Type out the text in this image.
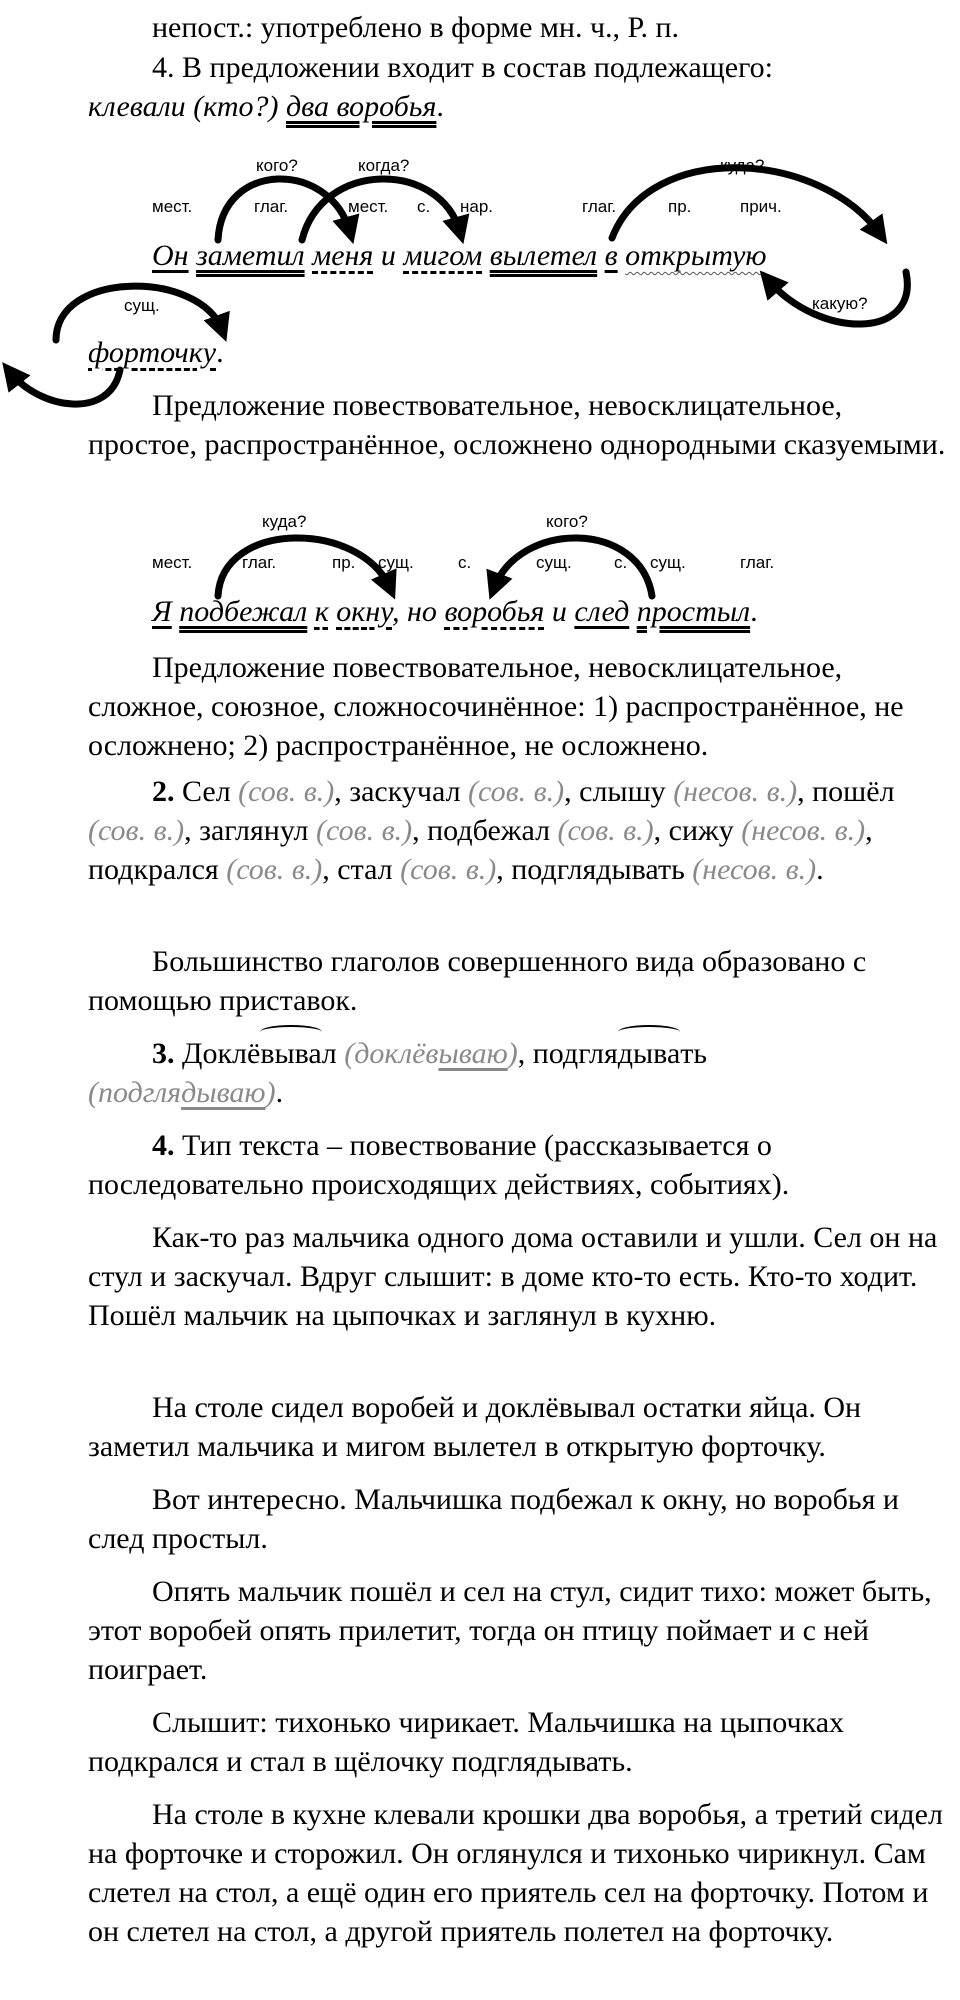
непост.: употреблено в форме мн. ч., Р. п.

4. В предложении входит в состав подлежащего:
клевали (кто?) два воробья.

кого?	когда?	куда?
мест.	глаг.	мест. с. нар.	глаг.	пр.	прич.
сущ.	какую?
Он заметил меня и мигом вылетел в открытую
форточку.

Предложение повествовательное, невосклицательное, простое, распространённое, осложнено однородными сказуемыми.

куда?	кого?
мест.	глаг.	пр. сущ.	с.	сущ. с. сущ.	глаг.
Я подбежал к окну, но воробья и след простыл.

Предложение повествовательное, невосклицательное, сложное, союзное, сложносочинённое: 1) распространённое, не осложнено; 2) распространённое, не осложнено.

2. Сел (сов. в.), заскучал (сов. в.), слышу (несов. в.), пошёл (сов. в.), заглянул (сов. в.), подбежал (сов. в.), сижу (несов. в.), подкрался (сов. в.), стал (сов. в.), подглядывать (несов. в.).

Большинство глаголов совершенного вида образовано с помощью приставок.

3. Доклёвывал (доклёвываю), подглядывать
(подглядываю).

4. Тип текста – повествование (рассказывается о последовательно происходящих действиях, событиях).

Как-то раз мальчика одного дома оставили и ушли. Сел он на стул и заскучал. Вдруг слышит: в доме кто-то есть. Кто-то ходит. Пошёл мальчик на цыпочках и заглянул в кухню.

На столе сидел воробей и доклёвывал остатки яйца. Он заметил мальчика и мигом вылетел в открытую форточку.

Вот интересно. Мальчишка подбежал к окну, но воробья и след простыл.

Опять мальчик пошёл и сел на стул, сидит тихо: может быть, этот воробей опять прилетит, тогда он птицу поймает и с ней поиграет.

Слышит: тихонько чирикает. Мальчишка на цыпочках подкрался и стал в щёлочку подглядывать.

На столе в кухне клевали крошки два воробья, а третий сидел на форточке и сторожил. Он оглянулся и тихонько чирикнул. Сам слетел на стол, а ещё один его приятель сел на форточку. Потом и он слетел на стол, а другой приятель полетел на форточку.
